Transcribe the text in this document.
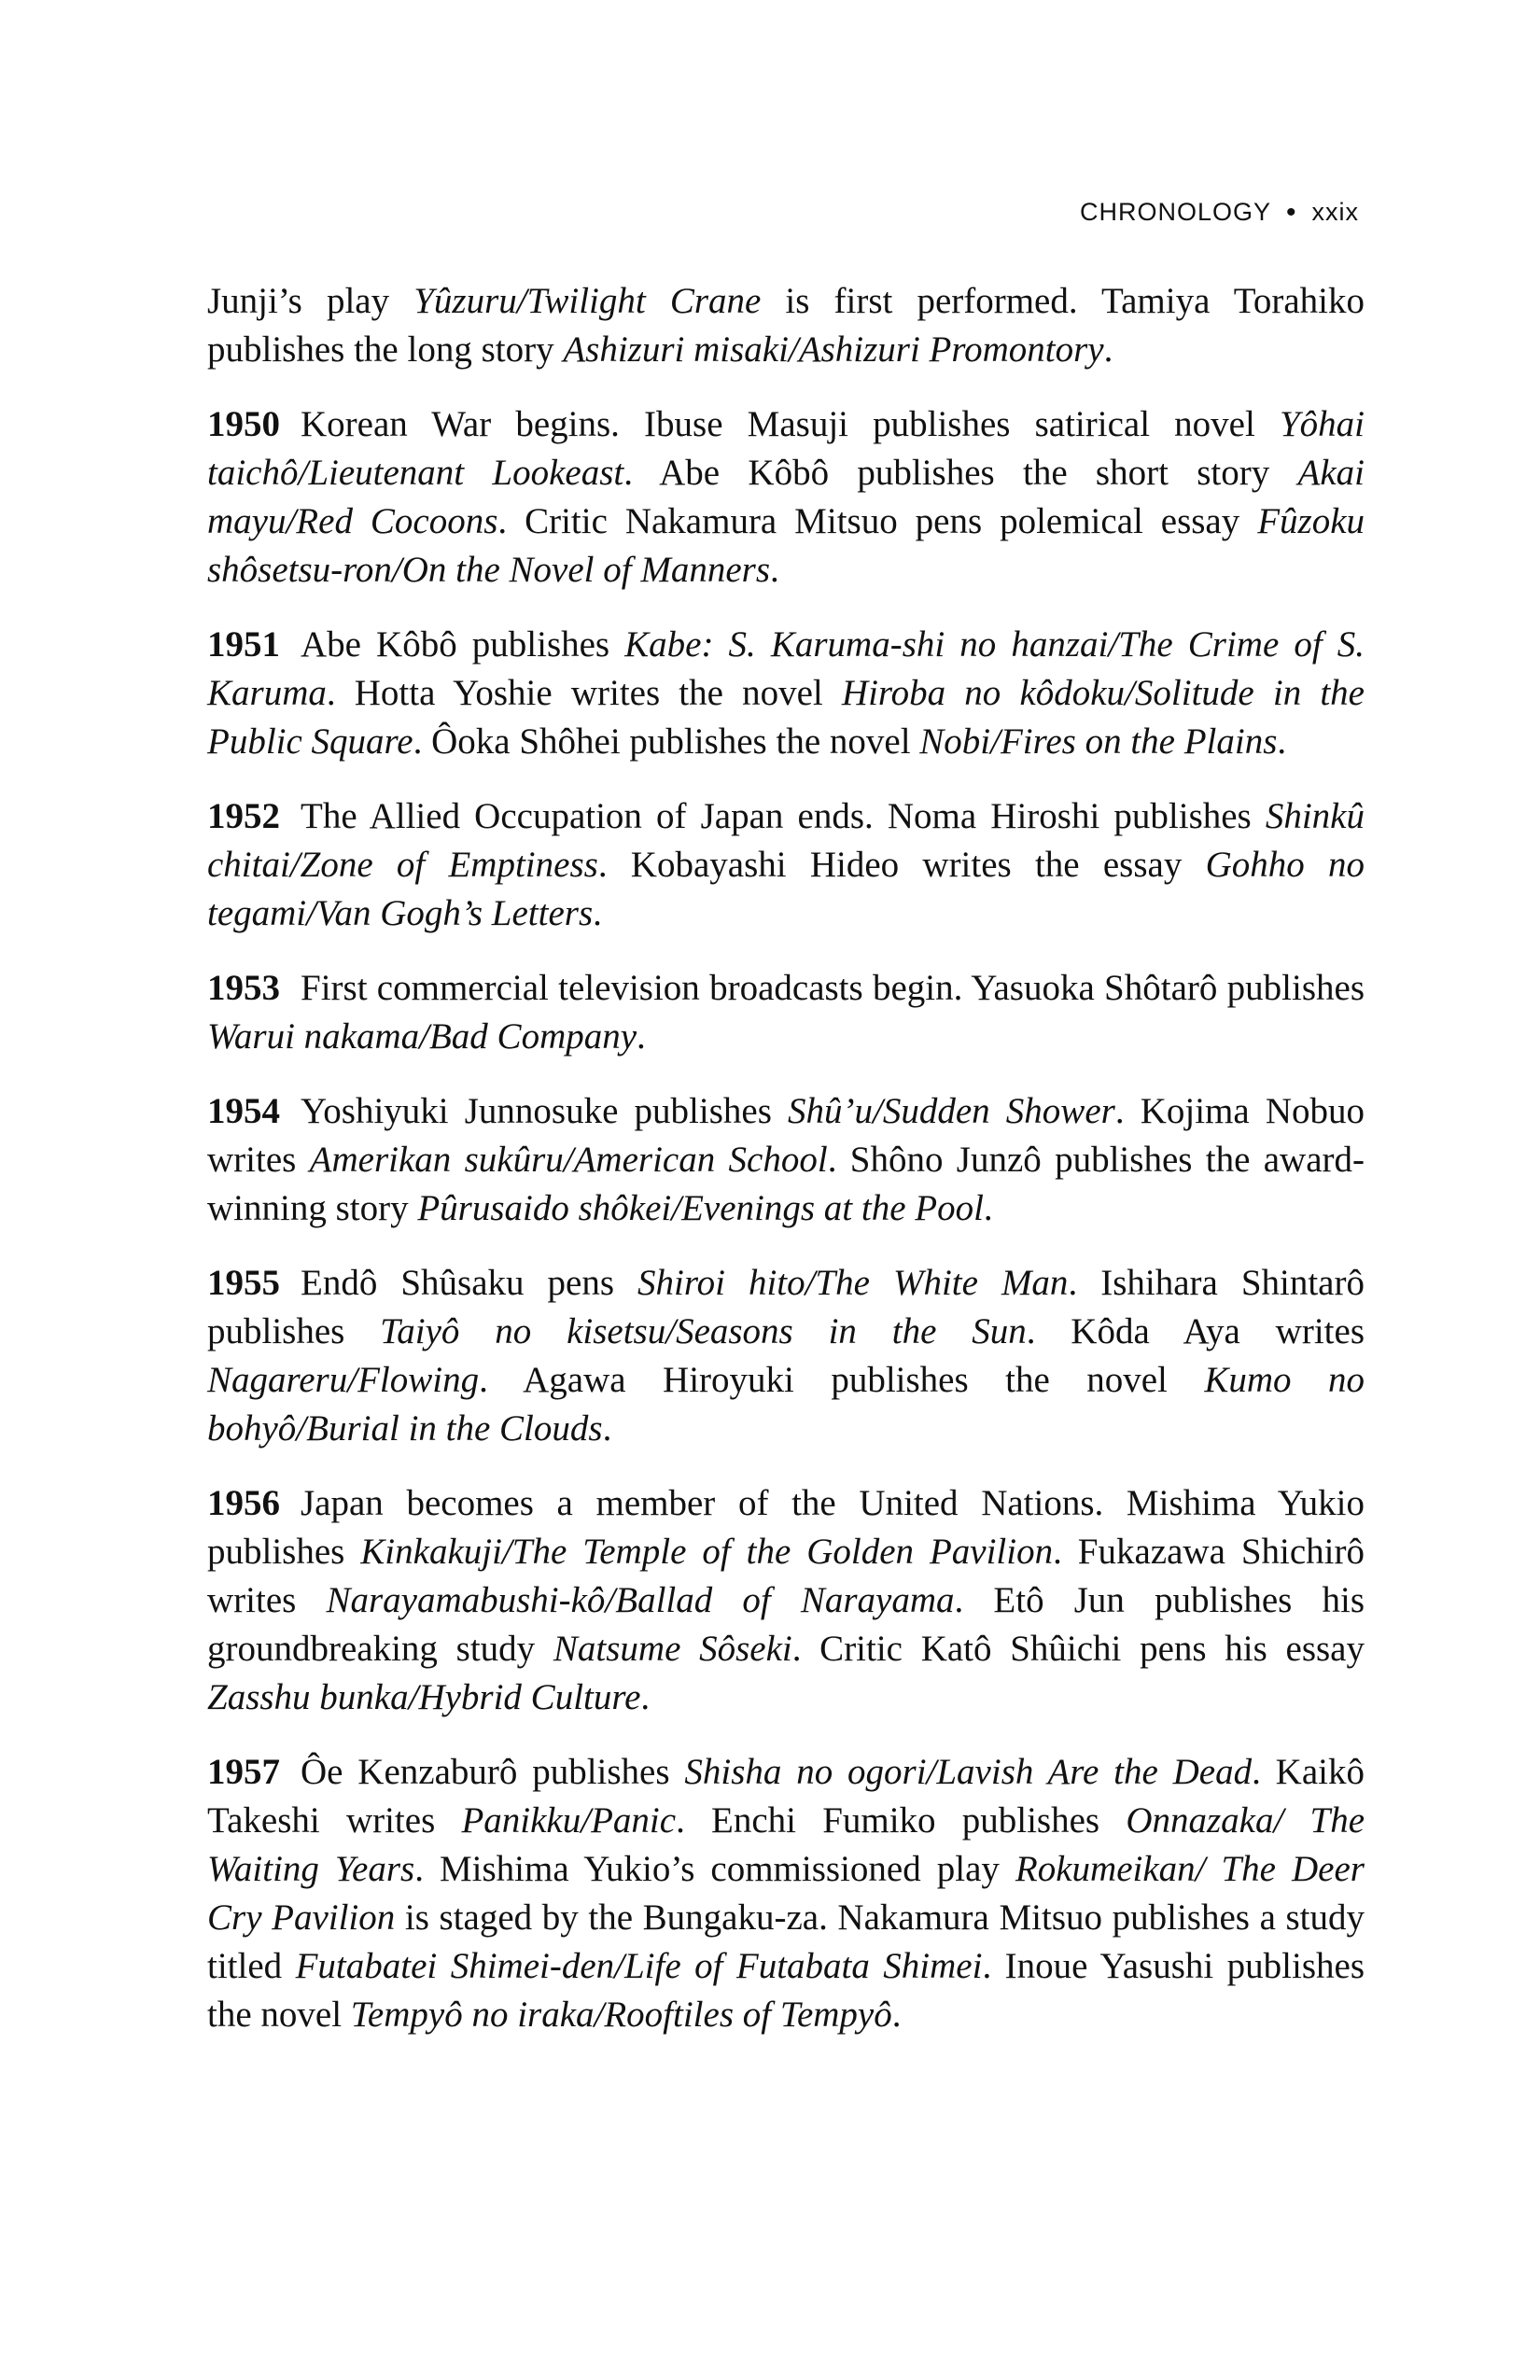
CHRONOLOGY • xxix

Junji’s play Yûzuru/Twilight Crane is first performed. Tamiya Torahiko publishes the long story Ashizuri misaki/Ashizuri Promontory.

1950 Korean War begins. Ibuse Masuji publishes satirical novel Yôhai taichô/Lieutenant Lookeast. Abe Kôbô publishes the short story Akai mayu/Red Cocoons. Critic Nakamura Mitsuo pens polemical essay Fûzoku shôsetsu-ron/On the Novel of Manners.

1951 Abe Kôbô publishes Kabe: S. Karuma-shi no hanzai/The Crime of S. Karuma. Hotta Yoshie writes the novel Hiroba no kôdoku/Solitude in the Public Square. Ôoka Shôhei publishes the novel Nobi/Fires on the Plains.

1952 The Allied Occupation of Japan ends. Noma Hiroshi publishes Shinkû chitai/Zone of Emptiness. Kobayashi Hideo writes the essay Gohho no tegami/Van Gogh’s Letters.

1953 First commercial television broadcasts begin. Yasuoka Shôtarô publishes Warui nakama/Bad Company.

1954 Yoshiyuki Junnosuke publishes Shû’u/Sudden Shower. Kojima Nobuo writes Amerikan sukûru/American School. Shôno Junzô publishes the award-winning story Pûrusaido shôkei/Evenings at the Pool.

1955 Endô Shûsaku pens Shiroi hito/The White Man. Ishihara Shintarô publishes Taiyô no kisetsu/Seasons in the Sun. Kôda Aya writes Nagareru/Flowing. Agawa Hiroyuki publishes the novel Kumo no bohyô/Burial in the Clouds.

1956 Japan becomes a member of the United Nations. Mishima Yukio publishes Kinkakuji/The Temple of the Golden Pavilion. Fukazawa Shichirô writes Narayamabushi-kô/Ballad of Narayama. Etô Jun publishes his groundbreaking study Natsume Sôseki. Critic Katô Shûichi pens his essay Zasshu bunka/Hybrid Culture.

1957 Ôe Kenzaburô publishes Shisha no ogori/Lavish Are the Dead. Kaikô Takeshi writes Panikku/Panic. Enchi Fumiko publishes Onnazaka/ The Waiting Years. Mishima Yukio’s commissioned play Rokumeikan/ The Deer Cry Pavilion is staged by the Bungaku-za. Nakamura Mitsuo publishes a study titled Futabatei Shimei-den/Life of Futabata Shimei. Inoue Yasushi publishes the novel Tempyô no iraka/Rooftiles of Tempyô.
